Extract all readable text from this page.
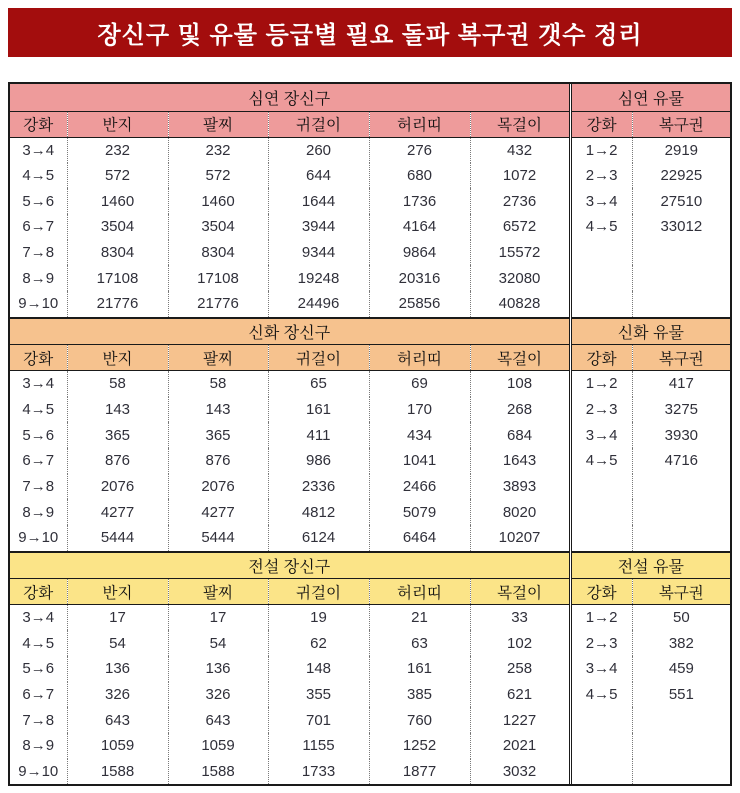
장신구 및 유물 등급별 필요 돌파 복구권 갯수 정리
심연 장신구						심연 유물	
강화	반지	팔찌	귀걸이	허리띠	목걸이	강화	복구권
3→4	232	232	260	276	432	1→2	2919
4→5	572	572	644	680	1072	2→3	22925
5→6	1460	1460	1644	1736	2736	3→4	27510
6→7	3504	3504	3944	4164	6572	4→5	33012
7→8	8304	8304	9344	9864	15572		
8→9	17108	17108	19248	20316	32080		
9→10	21776	21776	24496	25856	40828		
신화 장신구						신화 유물	
강화	반지	팔찌	귀걸이	허리띠	목걸이	강화	복구권
3→4	58	58	65	69	108	1→2	417
4→5	143	143	161	170	268	2→3	3275
5→6	365	365	411	434	684	3→4	3930
6→7	876	876	986	1041	1643	4→5	4716
7→8	2076	2076	2336	2466	3893		
8→9	4277	4277	4812	5079	8020		
9→10	5444	5444	6124	6464	10207		
전설 장신구						전설 유물	
강화	반지	팔찌	귀걸이	허리띠	목걸이	강화	복구권
3→4	17	17	19	21	33	1→2	50
4→5	54	54	62	63	102	2→3	382
5→6	136	136	148	161	258	3→4	459
6→7	326	326	355	385	621	4→5	551
7→8	643	643	701	760	1227		
8→9	1059	1059	1155	1252	2021		
9→10	1588	1588	1733	1877	3032		
